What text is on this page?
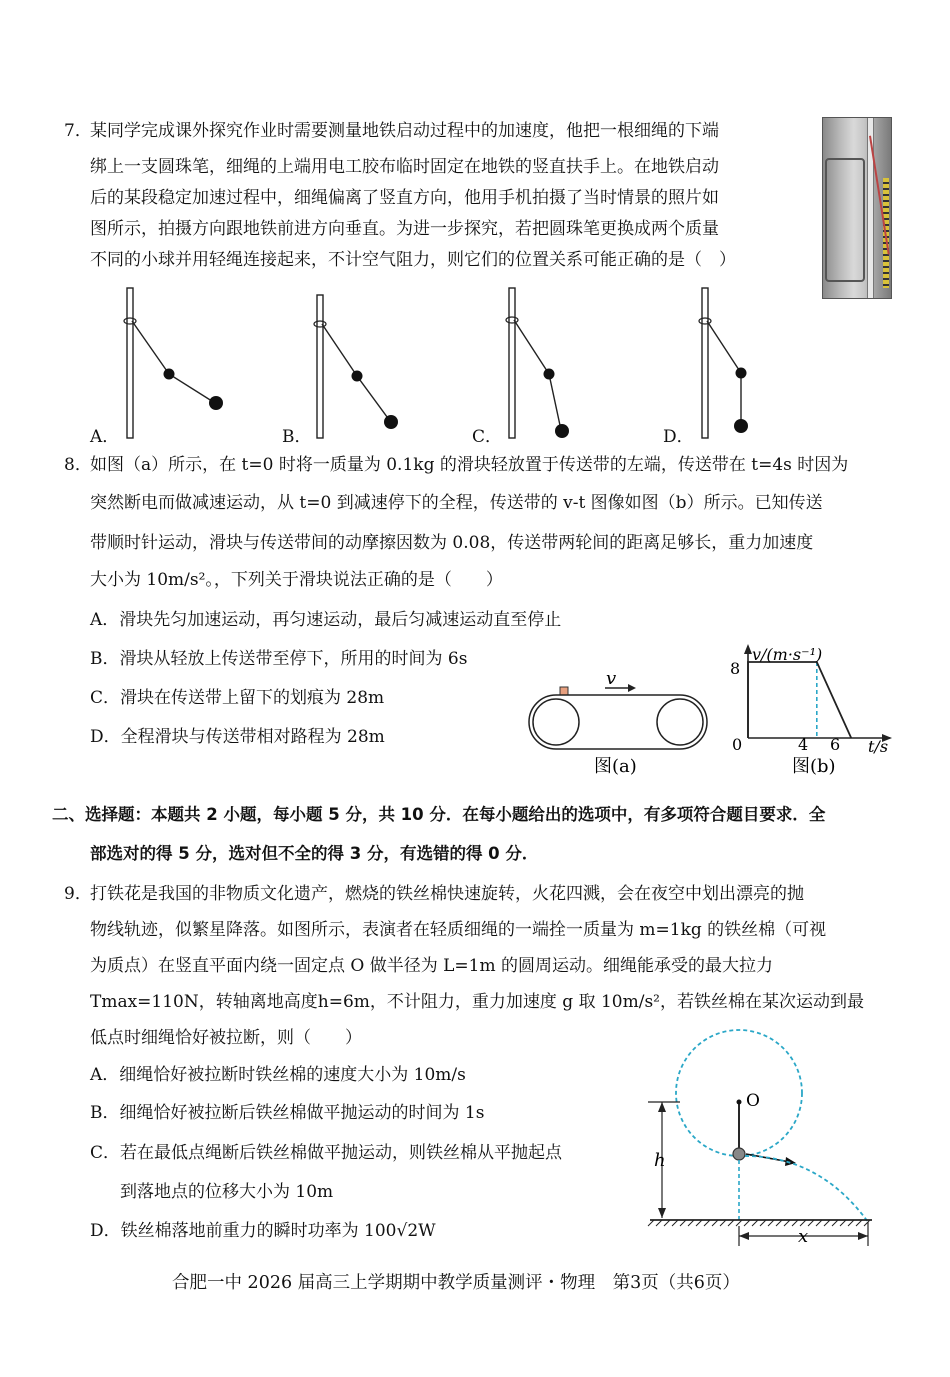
7．
某同学完成课外探究作业时需要测量地铁启动过程中的加速度，他把一根细绳的下端
绑上一支圆珠笔，细绳的上端用电工胶布临时固定在地铁的竖直扶手上。在地铁启动
后的某段稳定加速过程中，细绳偏离了竖直方向，他用手机拍摄了当时情景的照片如
图所示，拍摄方向跟地铁前进方向垂直。为进一步探究，若把圆珠笔更换成两个质量
不同的小球并用轻绳连接起来，不计空气阻力，则它们的位置关系可能正确的是（　）
A．	B．	C．	D．
8．
如图（a）所示，在 t=0 时将一质量为 0.1kg 的滑块轻放置于传送带的左端，传送带在 t=4s 时因为
突然断电而做减速运动，从 t=0 到减速停下的全程，传送带的 v-t 图像如图（b）所示。已知传送
带顺时针运动，滑块与传送带间的动摩擦因数为 0.08，传送带两轮间的距离足够长，重力加速度
大小为 10m/s²。，下列关于滑块说法正确的是（　　）
A．滑块先匀加速运动，再匀速运动，最后匀减速运动直至停止
B．滑块从轻放上传送带至停下，所用的时间为 6s
C．滑块在传送带上留下的划痕为 28m
D．全程滑块与传送带相对路程为 28m
v
图(a)
v/(m·s⁻¹)
8
0	4 6 t/s
图(b)
二、选择题：本题共 2 小题，每小题 5 分，共 10 分．在每小题给出的选项中，有多项符合题目要求．全
部选对的得 5 分，选对但不全的得 3 分，有选错的得 0 分．
9．
打铁花是我国的非物质文化遗产，燃烧的铁丝棉快速旋转，火花四溅，会在夜空中划出漂亮的抛
物线轨迹，似繁星降落。如图所示，表演者在轻质细绳的一端拴一质量为 m=1kg 的铁丝棉（可视
为质点）在竖直平面内绕一固定点 O 做半径为 L=1m 的圆周运动。细绳能承受的最大拉力
Tmax=110N，转轴离地高度h=6m，不计阻力，重力加速度 g 取 10m/s²，若铁丝棉在某次运动到最
低点时细绳恰好被拉断，则（　　）
A．细绳恰好被拉断时铁丝棉的速度大小为 10m/s
B．细绳恰好被拉断后铁丝棉做平抛运动的时间为 1s
C．若在最低点绳断后铁丝棉做平抛运动，则铁丝棉从平抛起点
到落地点的位移大小为 10m
D．铁丝棉落地前重力的瞬时功率为 100√2W
O
h
x
合肥一中 2026 届高三上学期期中教学质量测评・物理　第3页（共6页）
